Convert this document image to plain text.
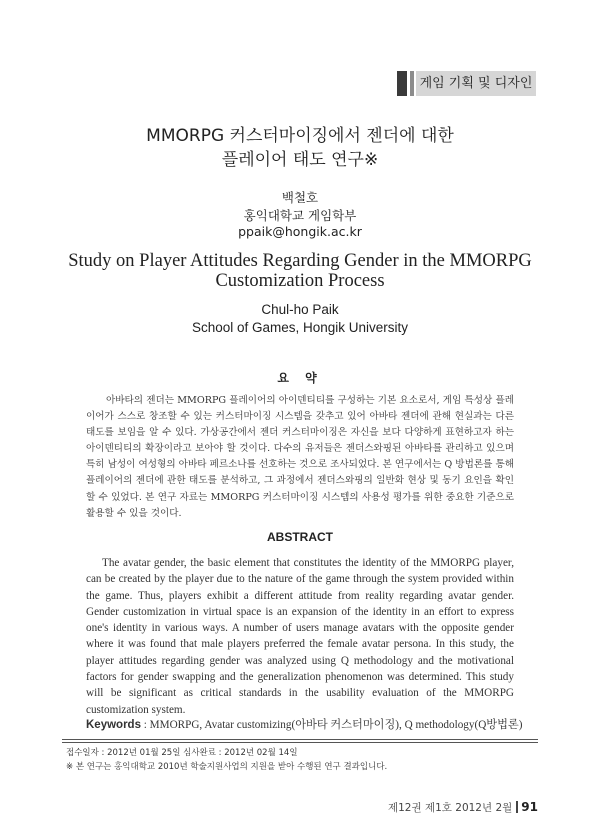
게임 기획 및 디자인
MMORPG 커스터마이징에서 젠더에 대한
플레이어 태도 연구※
백철호
홍익대학교 게임학부
ppaik@hongik.ac.kr
Study on Player Attitudes Regarding Gender in the MMORPG
Customization Process
Chul-ho Paik
School of Games, Hongik University
요 약

아바타의 젠더는 MMORPG 플레이어의 아이덴티티를 구성하는 기본 요소로서, 게임 특성상 플레이어가 스스로 창조할 수 있는 커스터마이징 시스템을 갖추고 있어 아바타 젠더에 관해 현실과는 다른 태도를 보임을 알 수 있다. 가상공간에서 젠더 커스터마이징은 자신을 보다 다양하게 표현하고자 하는 아이덴티티의 확장이라고 보아야 할 것이다. 다수의 유저들은 젠더스와핑된 아바타를 관리하고 있으며 특히 남성이 여성형의 아바타 페르소나를 선호하는 것으로 조사되었다. 본 연구에서는 Q 방법론를 통해 플레이어의 젠더에 관한 태도를 분석하고, 그 과정에서 젠더스와핑의 일반화 현상 및 동기 요인을 확인할 수 있었다. 본 연구 자료는 MMORPG 커스터마이징 시스템의 사용성 평가를 위한 중요한 기준으로 활용할 수 있을 것이다.

ABSTRACT

The avatar gender, the basic element that constitutes the identity of the MMORPG player, can be created by the player due to the nature of the game through the system provided within the game. Thus, players exhibit a different attitude from reality regarding avatar gender. Gender customization in virtual space is an expansion of the identity in an effort to express one's identity in various ways. A number of users manage avatars with the opposite gender where it was found that male players preferred the female avatar persona. In this study, the player attitudes regarding gender was analyzed using Q methodology and the motivational factors for gender swapping and the generalization phenomenon was determined. This study will be significant as critical standards in the usability evaluation of the MMORPG customization system.

Keywords : MMORPG, Avatar customizing(아바타 커스터마이징), Q methodology(Q방법론)
접수일자 : 2012년 01월 25일 심사완료 : 2012년 02월 14일
※ 본 연구는 홍익대학교 2010년 학술지원사업의 지원을 받아 수행된 연구 결과입니다.
제12권 제1호 2012년 2월 91
